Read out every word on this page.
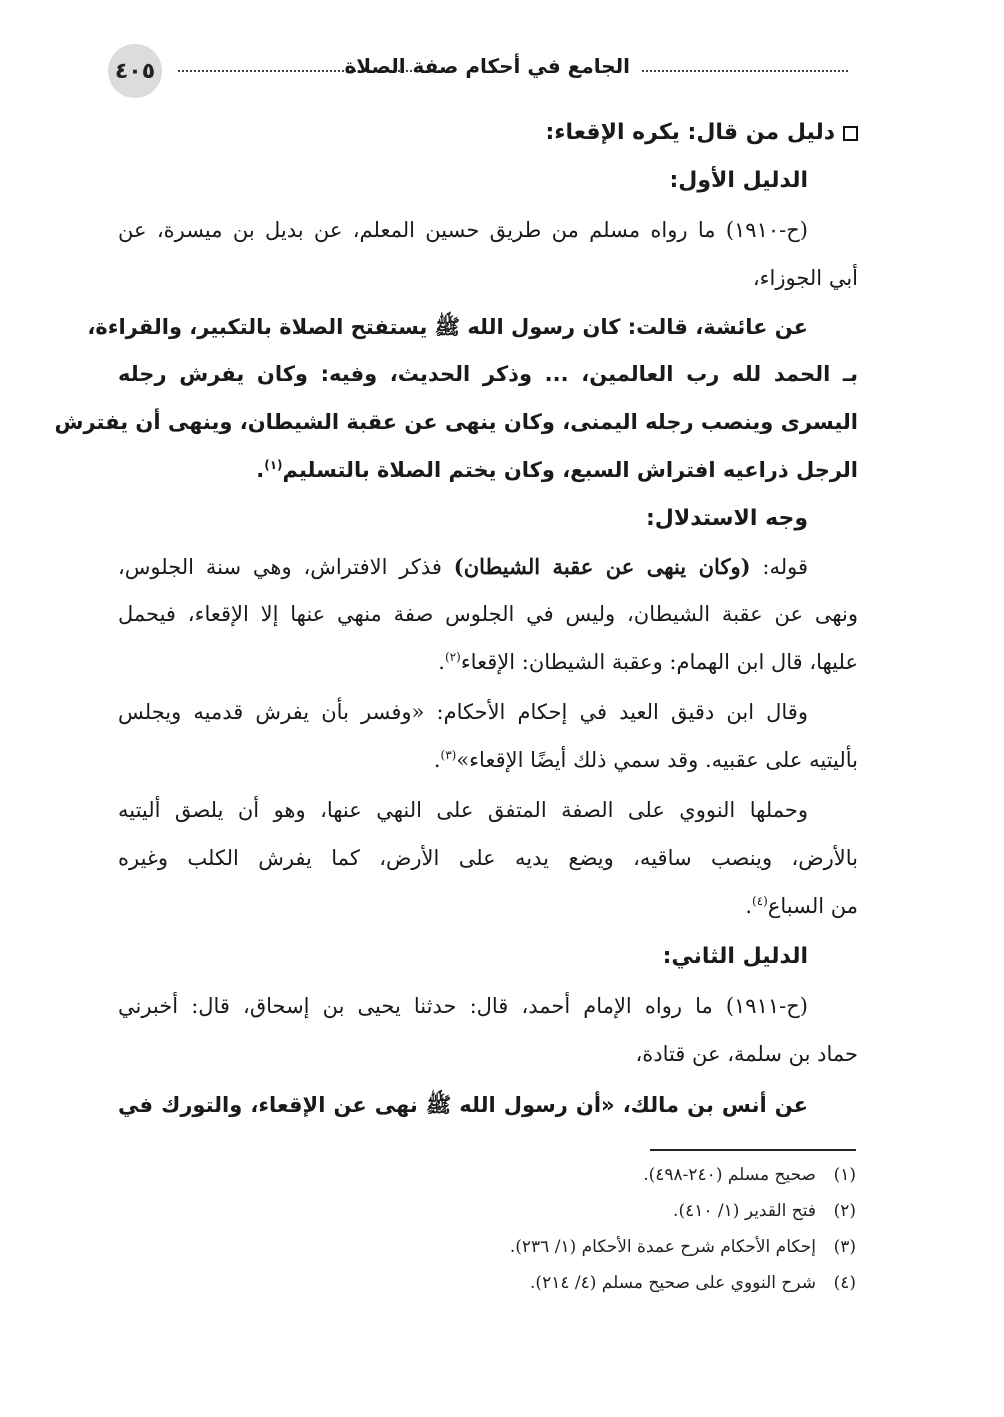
٤٠٥	الجامع في أحكام صفة الصلاة
دليل من قال: يكره الإقعاء:
الدليل الأول:
(ح-١٩١٠) ما رواه مسلم من طريق حسين المعلم، عن بديل بن ميسرة، عن
أبي الجوزاء،
عن عائشة، قالت: كان رسول الله ﷺ يستفتح الصلاة بالتكبير، والقراءة،
بـ الحمد لله رب العالمين، ... وذكر الحديث، وفيه: وكان يفرش رجله
اليسرى وينصب رجله اليمنى، وكان ينهى عن عقبة الشيطان، وينهى أن يفترش
الرجل ذراعيه افتراش السبع، وكان يختم الصلاة بالتسليم$^{(١)}$.
وجه الاستدلال:
قوله: (وكان ينهى عن عقبة الشيطان) فذكر الافتراش، وهي سنة الجلوس،
ونهى عن عقبة الشيطان، وليس في الجلوس صفة منهي عنها إلا الإقعاء، فيحمل
عليها، قال ابن الهمام: وعقبة الشيطان: الإقعاء$^{(٢)}$.
وقال ابن دقيق العيد في إحكام الأحكام: «وفسر بأن يفرش قدميه ويجلس
بأليتيه على عقبيه. وقد سمي ذلك أيضًا الإقعاء»$^{(٣)}$.
وحملها النووي على الصفة المتفق على النهي عنها، وهو أن يلصق أليتيه
بالأرض، وينصب ساقيه، ويضع يديه على الأرض، كما يفرش الكلب وغيره
من السباع$^{(٤)}$.
الدليل الثاني:
(ح-١٩١١) ما رواه الإمام أحمد، قال: حدثنا يحيى بن إسحاق، قال: أخبرني
حماد بن سلمة، عن قتادة،
عن أنس بن مالك، «أن رسول الله ﷺ نهى عن الإقعاء، والتورك في
(١)صحيح مسلم (٢٤٠-٤٩٨).
(٢)فتح القدير (١/ ٤١٠).
(٣)إحكام الأحكام شرح عمدة الأحكام (١/ ٢٣٦).
(٤)شرح النووي على صحيح مسلم (٤/ ٢١٤).
